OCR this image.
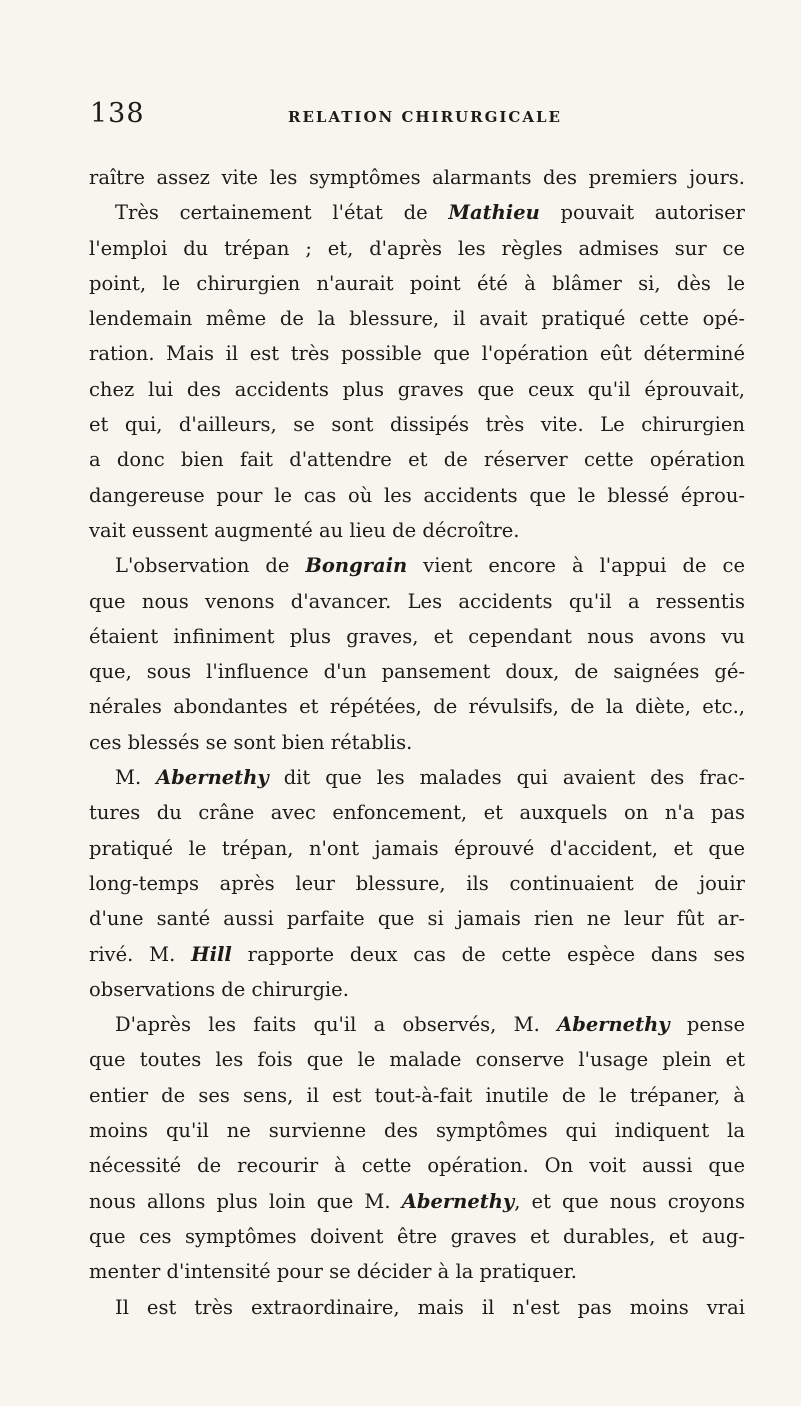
138	RELATION CHIRURGICALE
raître assez vite les symptômes alarmants des premiers jours.
Très certainement l'état de Mathieu pouvait autoriser
l'emploi du trépan ; et, d'après les règles admises sur ce
point, le chirurgien n'aurait point été à blâmer si, dès le
lendemain même de la blessure, il avait pratiqué cette opé-
ration. Mais il est très possible que l'opération eût déterminé
chez lui des accidents plus graves que ceux qu'il éprouvait,
et qui, d'ailleurs, se sont dissipés très vite. Le chirurgien
a donc bien fait d'attendre et de réserver cette opération
dangereuse pour le cas où les accidents que le blessé éprou-
vait eussent augmenté au lieu de décroître.
L'observation de Bongrain vient encore à l'appui de ce
que nous venons d'avancer. Les accidents qu'il a ressentis
étaient infiniment plus graves, et cependant nous avons vu
que, sous l'influence d'un pansement doux, de saignées gé-
nérales abondantes et répétées, de révulsifs, de la diète, etc.,
ces blessés se sont bien rétablis.
M. Abernethy dit que les malades qui avaient des frac-
tures du crâne avec enfoncement, et auxquels on n'a pas
pratiqué le trépan, n'ont jamais éprouvé d'accident, et que
long-temps après leur blessure, ils continuaient de jouir
d'une santé aussi parfaite que si jamais rien ne leur fût ar-
rivé. M. Hill rapporte deux cas de cette espèce dans ses
observations de chirurgie.
D'après les faits qu'il a observés, M. Abernethy pense
que toutes les fois que le malade conserve l'usage plein et
entier de ses sens, il est tout-à-fait inutile de le trépaner, à
moins qu'il ne survienne des symptômes qui indiquent la
nécessité de recourir à cette opération. On voit aussi que
nous allons plus loin que M. Abernethy, et que nous croyons
que ces symptômes doivent être graves et durables, et aug-
menter d'intensité pour se décider à la pratiquer.
Il est très extraordinaire, mais il n'est pas moins vrai
